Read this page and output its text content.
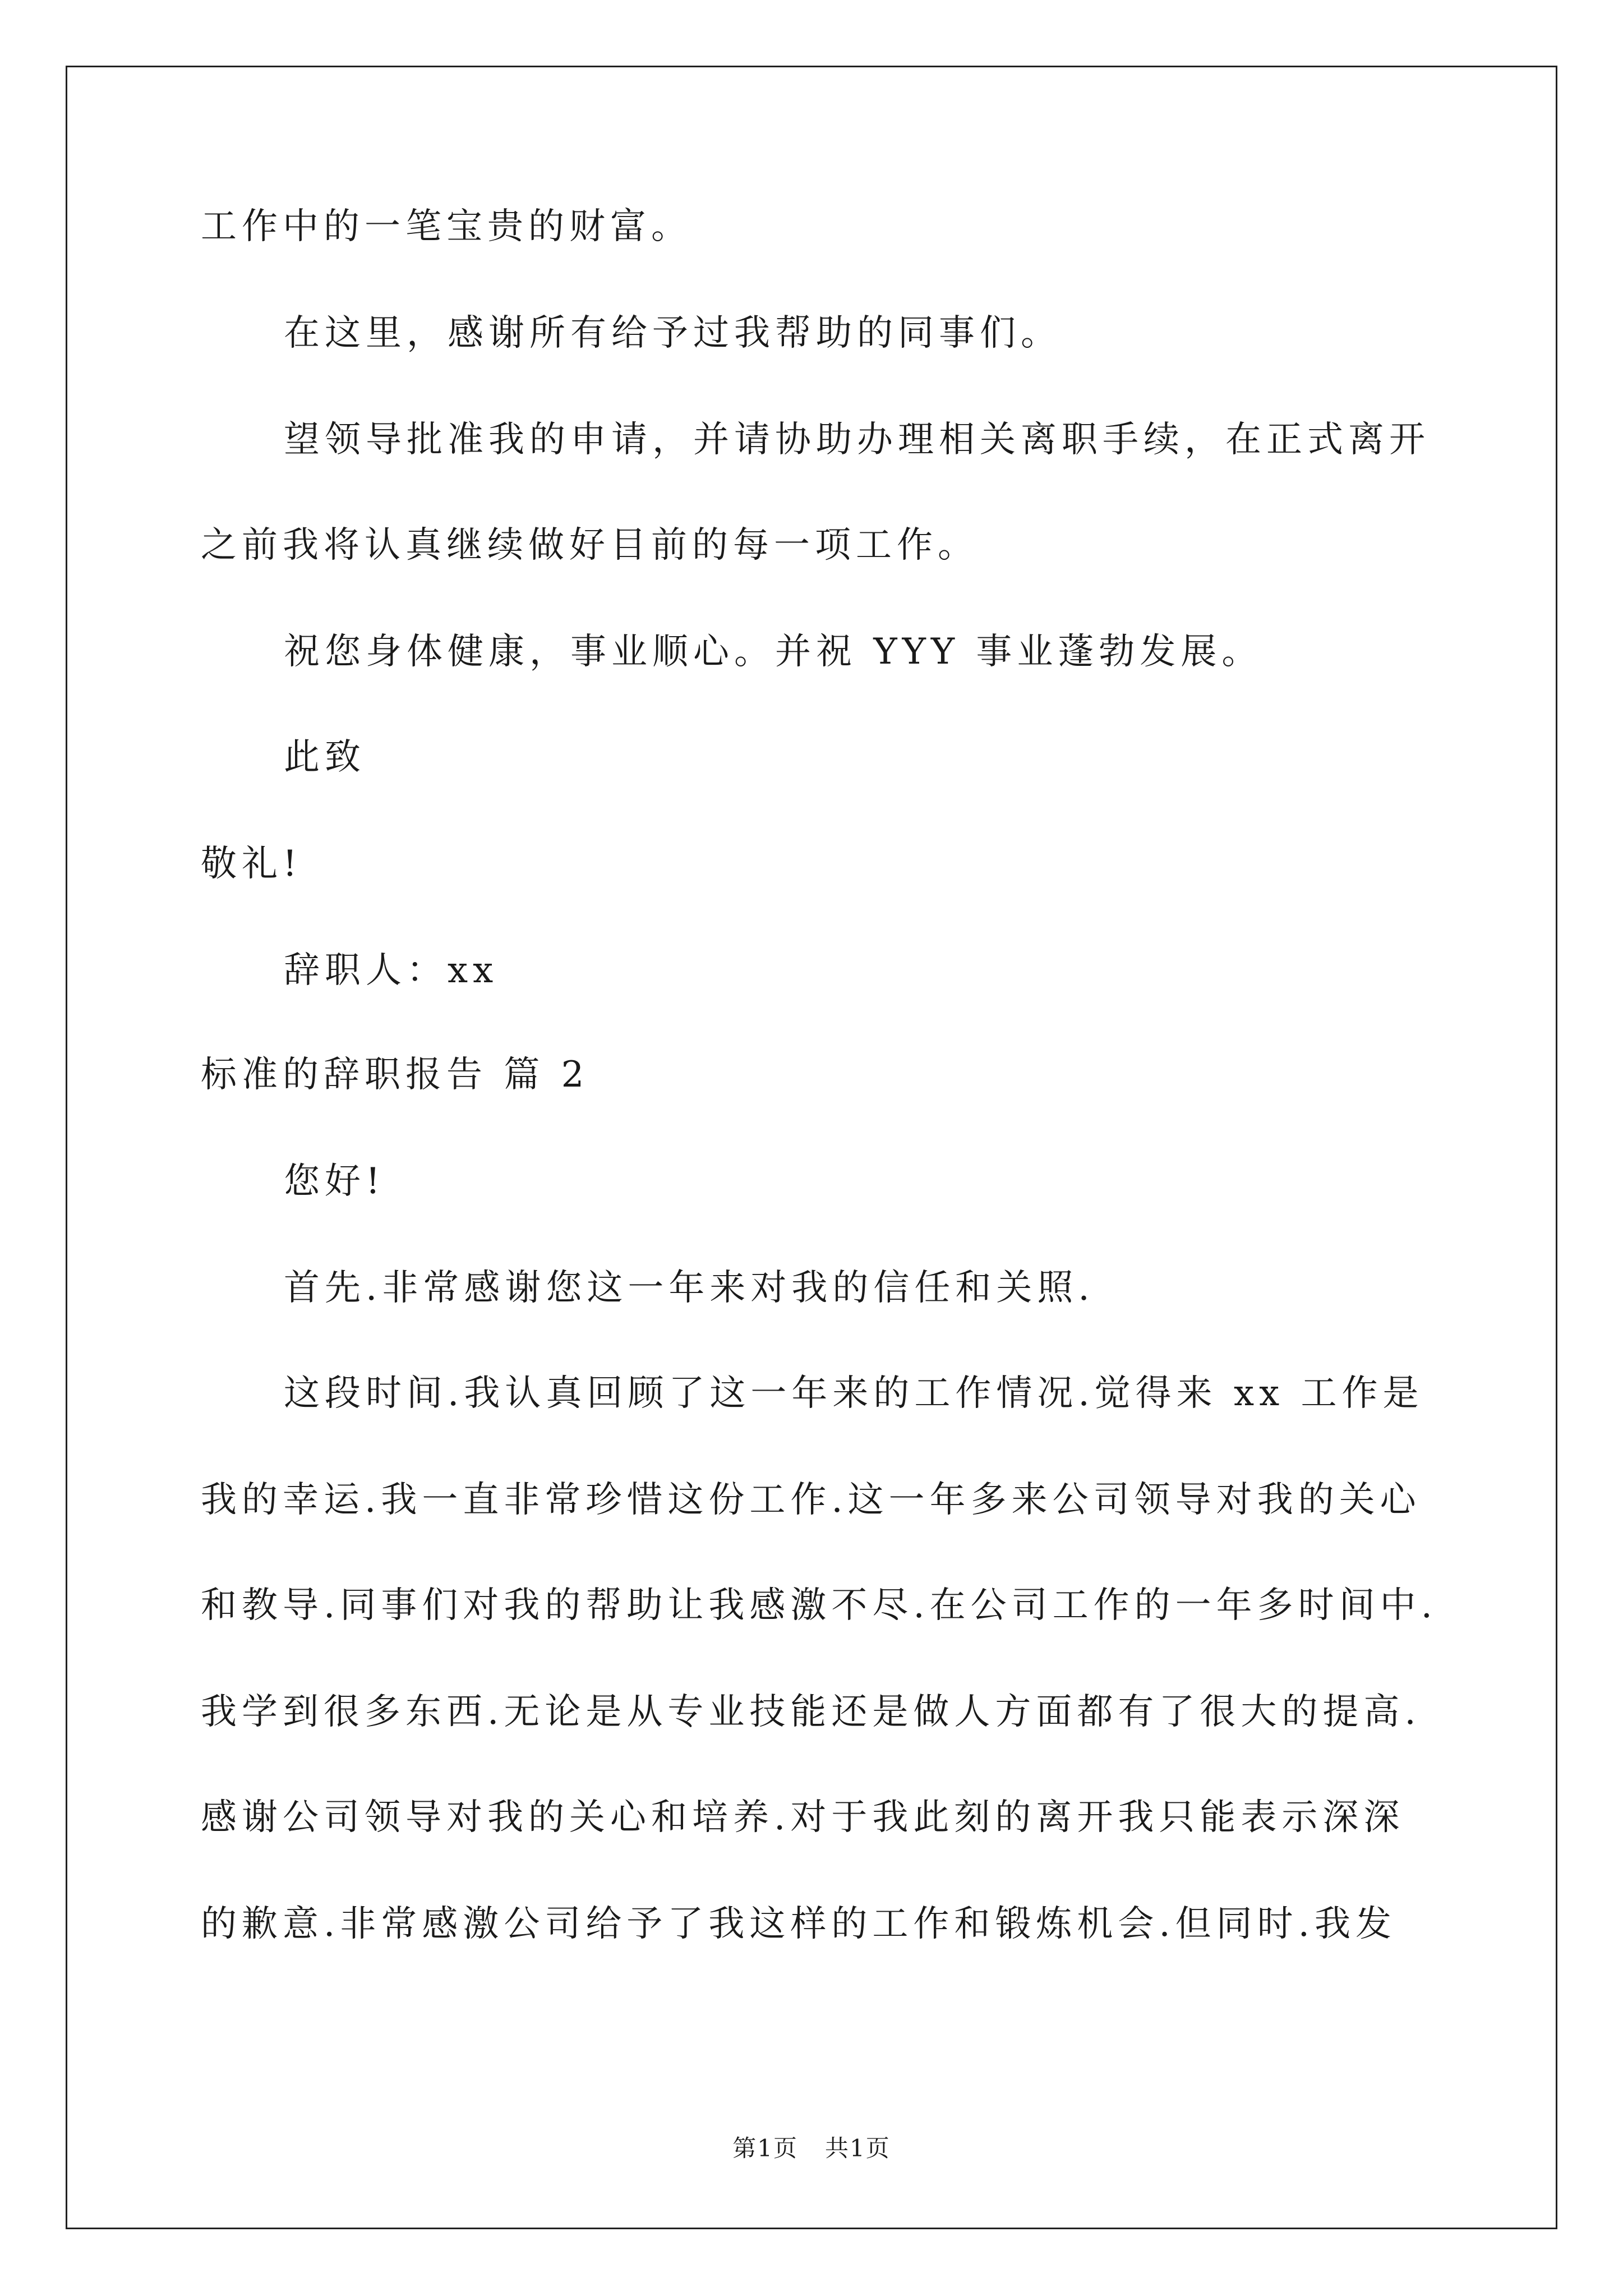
工作中的一笔宝贵的财富。
在这里，感谢所有给予过我帮助的同事们。
望领导批准我的申请，并请协助办理相关离职手续，在正式离开
之前我将认真继续做好目前的每一项工作。
祝您身体健康，事业顺心。并祝 YYY 事业蓬勃发展。
此致
敬礼!
辞职人：xx
标准的辞职报告 篇 2
您好!
首先.非常感谢您这一年来对我的信任和关照.
这段时间.我认真回顾了这一年来的工作情况.觉得来 xx 工作是
我的幸运.我一直非常珍惜这份工作.这一年多来公司领导对我的关心
和教导.同事们对我的帮助让我感激不尽.在公司工作的一年多时间中.
我学到很多东西.无论是从专业技能还是做人方面都有了很大的提高.
感谢公司领导对我的关心和培养.对于我此刻的离开我只能表示深深
的歉意.非常感激公司给予了我这样的工作和锻炼机会.但同时.我发
第1页 共1页
